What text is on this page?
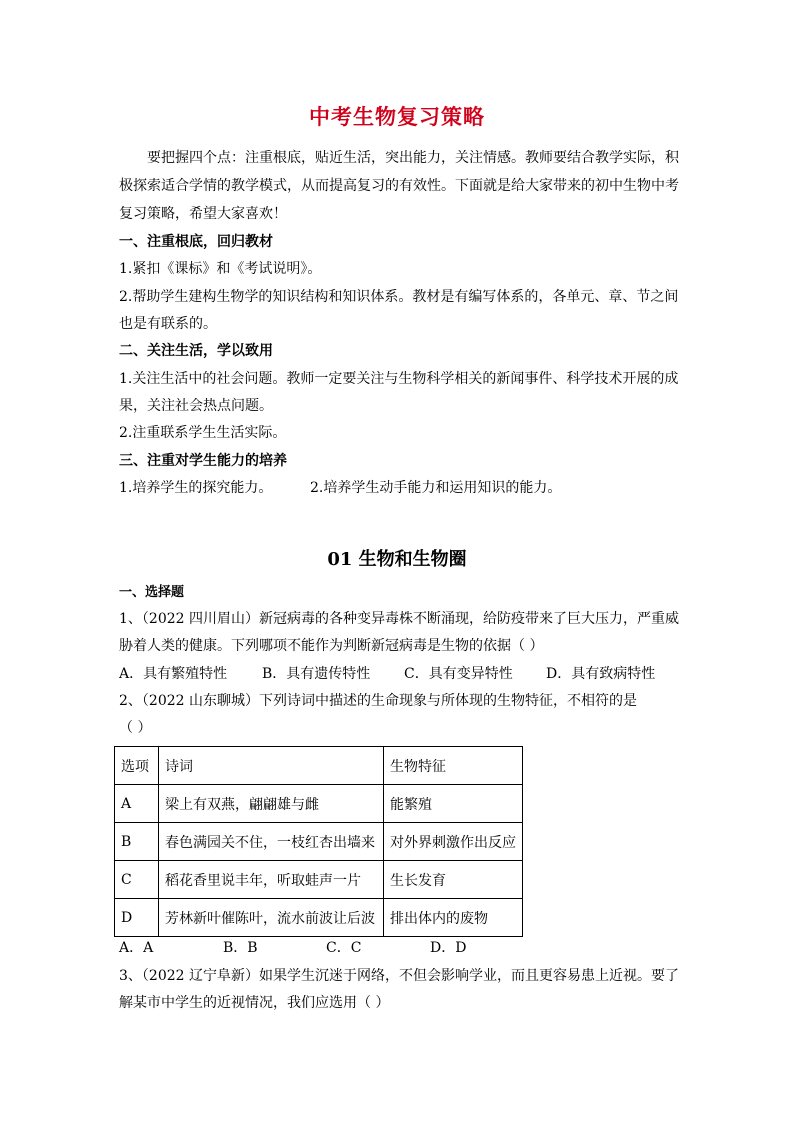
中考生物复习策略
要把握四个点：注重根底，贴近生活，突出能力，关注情感。教师要结合教学实际，积
极探索适合学情的教学模式，从而提高复习的有效性。下面就是给大家带来的初中生物中考
复习策略，希望大家喜欢！
一、注重根底，回归教材
1.紧扣《课标》和《考试说明》。
2.帮助学生建构生物学的知识结构和知识体系。教材是有编写体系的，各单元、章、节之间
也是有联系的。
二、关注生活，学以致用
1.关注生活中的社会问题。教师一定要关注与生物科学相关的新闻事件、科学技术开展的成
果，关注社会热点问题。
2.注重联系学生生活实际。
三、注重对学生能力的培养
1.培养学生的探究能力。	2.培养学生动手能力和运用知识的能力。
01 生物和生物圈
一、选择题
1、（2022 四川眉山）新冠病毒的各种变异毒株不断涌现，给防疫带来了巨大压力，严重威
胁着人类的健康。下列哪项不能作为判断新冠病毒是生物的依据（ ）
A．具有繁殖特性 B．具有遗传特性 C．具有变异特性 D．具有致病特性
2、（2022 山东聊城）下列诗词中描述的生命现象与所体现的生物特征，不相符的是
（ ）
选项	诗词	生物特征
A	梁上有双燕，翩翩雄与雌	能繁殖
B	春色满园关不住，一枝红杏出墙来	对外界刺激作出反应
C	稻花香里说丰年，听取蛙声一片	生长发育
D	芳林新叶催陈叶，流水前波让后波	排出体内的废物
A．A	B．B	C．C	D．D
3、（2022 辽宁阜新）如果学生沉迷于网络，不但会影响学业，而且更容易患上近视。要了
解某市中学生的近视情况，我们应选用（ ）
